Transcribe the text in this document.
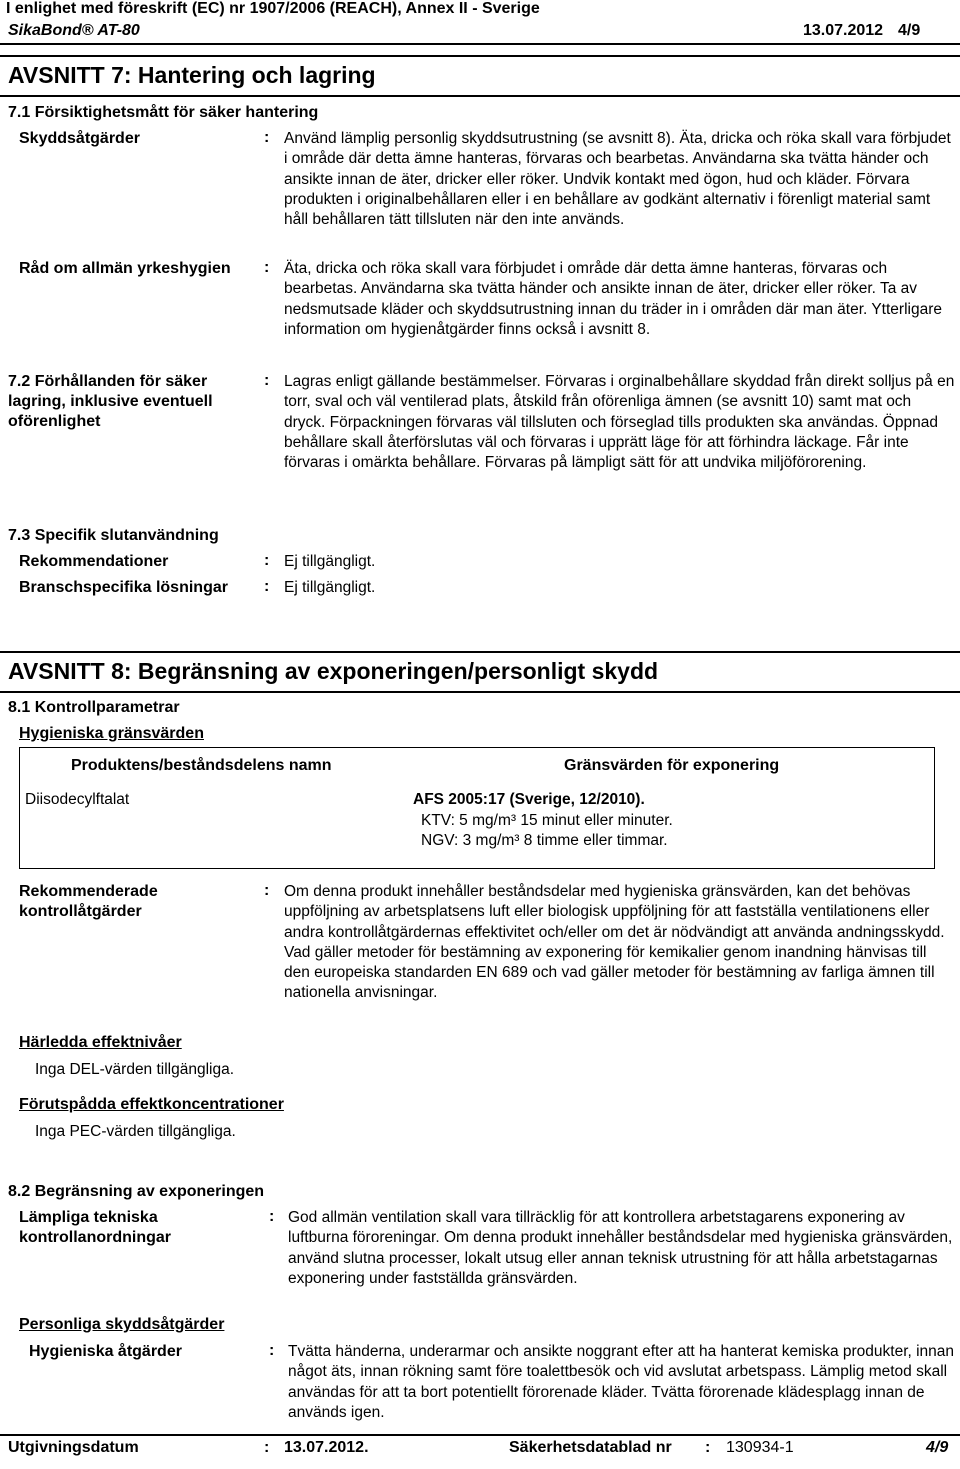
I enlighet med föreskrift (EC) nr 1907/2006 (REACH), Annex II - Sverige
SikaBond® AT-80	13.07.2012 4/9
AVSNITT 7: Hantering och lagring
7.1 Försiktighetsmått för säker hantering
Skyddsåtgärder	: Använd lämplig personlig skyddsutrustning (se avsnitt 8). Äta, dricka och röka skall vara förbjudet i område där detta ämne hanteras, förvaras och bearbetas. Användarna ska tvätta händer och ansikte innan de äter, dricker eller röker. Undvik kontakt med ögon, hud och kläder. Förvara produkten i originalbehållaren eller i en behållare av godkänt alternativ i förenligt material samt håll behållaren tätt tillsluten när den inte används.
Råd om allmän yrkeshygien	: Äta, dricka och röka skall vara förbjudet i område där detta ämne hanteras, förvaras och bearbetas. Användarna ska tvätta händer och ansikte innan de äter, dricker eller röker. Ta av nedsmutsade kläder och skyddsutrustning innan du träder in i områden där man äter. Ytterligare information om hygienåtgärder finns också i avsnitt 8.
7.2 Förhållanden för säker lagring, inklusive eventuell oförenlighet
: Lagras enligt gällande bestämmelser. Förvaras i orginalbehållare skyddad från direkt solljus på en torr, sval och väl ventilerad plats, åtskild från oförenliga ämnen (se avsnitt 10) samt mat och dryck. Förpackningen förvaras väl tillsluten och förseglad tills produkten ska användas. Öppnad behållare skall återförslutas väl och förvaras i upprätt läge för att förhindra läckage. Får inte förvaras i omärkta behållare. Förvaras på lämpligt sätt för att undvika miljöförorening.
7.3 Specifik slutanvändning
Rekommendationer	: Ej tillgängligt.
Branschspecifika lösningar : Ej tillgängligt.
AVSNITT 8: Begränsning av exponeringen/personligt skydd
8.1 Kontrollparametrar
Hygieniska gränsvärden
Produktens/beståndsdelens namn	Gränsvärden för exponering
Diisodecylftalat	AFS 2005:17 (Sverige, 12/2010).
KTV: 5 mg/m³ 15 minut eller minuter.
NGV: 3 mg/m³ 8 timme eller timmar.
Rekommenderade kontrollåtgärder
: Om denna produkt innehåller beståndsdelar med hygieniska gränsvärden, kan det behövas uppföljning av arbetsplatsens luft eller biologisk uppföljning för att fastställa ventilationens eller andra kontrollåtgärdernas effektivitet och/eller om det är nödvändigt att använda andningsskydd. Vad gäller metoder för bestämning av exponering för kemikalier genom inandning hänvisas till den europeiska standarden EN 689 och vad gäller metoder för bestämning av farliga ämnen till nationella anvisningar.
Härledda effektnivåer
Inga DEL-värden tillgängliga.
Förutspådda effektkoncentrationer
Inga PEC-värden tillgängliga.
8.2 Begränsning av exponeringen
Lämpliga tekniska kontrollanordningar
: God allmän ventilation skall vara tillräcklig för att kontrollera arbetstagarens exponering av luftburna föroreningar. Om denna produkt innehåller beståndsdelar med hygieniska gränsvärden, använd slutna processer, lokalt utsug eller annan teknisk utrustning för att hålla arbetstagarnas exponering under fastställda gränsvärden.
Personliga skyddsåtgärder
Hygieniska åtgärder	: Tvätta händerna, underarmar och ansikte noggrant efter att ha hanterat kemiska produkter, innan något äts, innan rökning samt före toalettbesök och vid avslutat arbetspass. Lämplig metod skall användas för att ta bort potentiellt förorenade kläder. Tvätta förorenade klädesplagg innan de används igen.
Utgivningsdatum	: 13.07.2012.	Säkerhetsdatablad nr : 130934-1	4/9
